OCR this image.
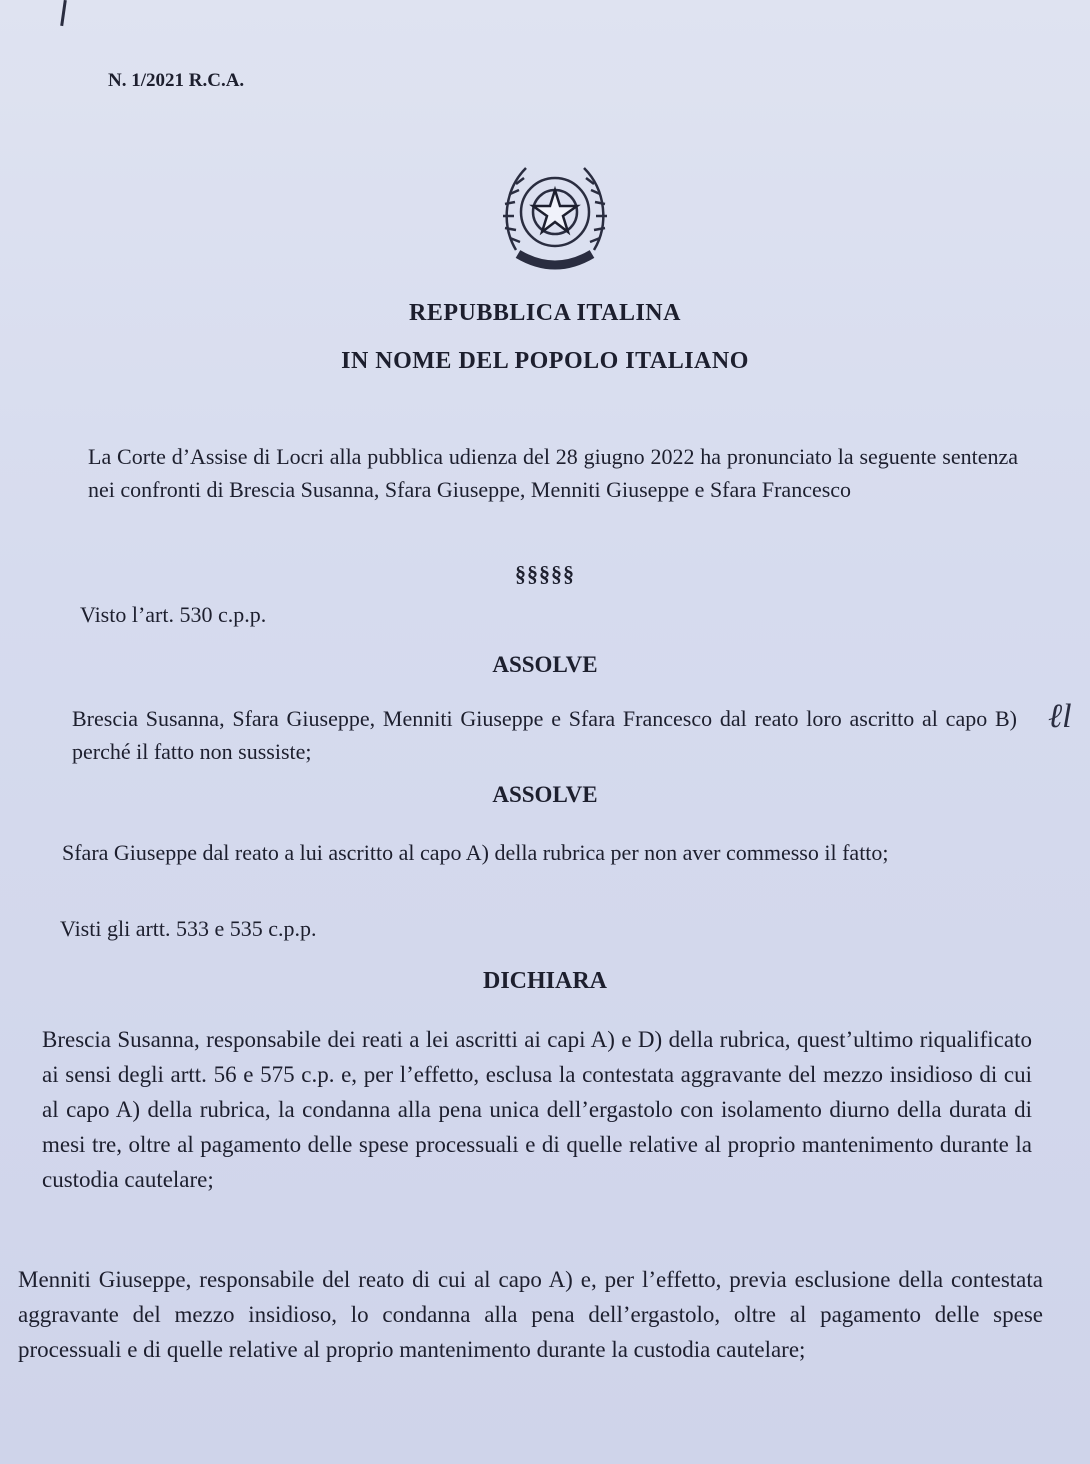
N. 1/2021 R.C.A.
REPUBBLICA ITALINA
IN NOME DEL POPOLO ITALIANO
La Corte d’Assise di Locri alla pubblica udienza del 28 giugno 2022 ha pronunciato la seguente sentenza nei confronti di Brescia Susanna, Sfara Giuseppe, Menniti Giuseppe e Sfara Francesco
§§§§§
Visto l’art. 530 c.p.p.
ASSOLVE
Brescia Susanna, Sfara Giuseppe, Menniti Giuseppe e Sfara Francesco dal reato loro ascritto al capo B) perché il fatto non sussiste;
ASSOLVE
Sfara Giuseppe dal reato a lui ascritto al capo A) della rubrica per non aver commesso il fatto;
Visti gli artt. 533 e 535 c.p.p.
DICHIARA
Brescia Susanna, responsabile dei reati a lei ascritti ai capi A) e D) della rubrica, quest’ultimo riqualificato ai sensi degli artt. 56 e 575 c.p. e, per l’effetto, esclusa la contestata aggravante del mezzo insidioso di cui al capo A) della rubrica, la condanna alla pena unica dell’ergastolo con isolamento diurno della durata di mesi tre, oltre al pagamento delle spese processuali e di quelle relative al proprio mantenimento durante la custodia cautelare;
Menniti Giuseppe, responsabile del reato di cui al capo A) e, per l’effetto, previa esclusione della contestata aggravante del mezzo insidioso, lo condanna alla pena dell’ergastolo, oltre al pagamento delle spese processuali e di quelle relative al proprio mantenimento durante la custodia cautelare;
ℓl
